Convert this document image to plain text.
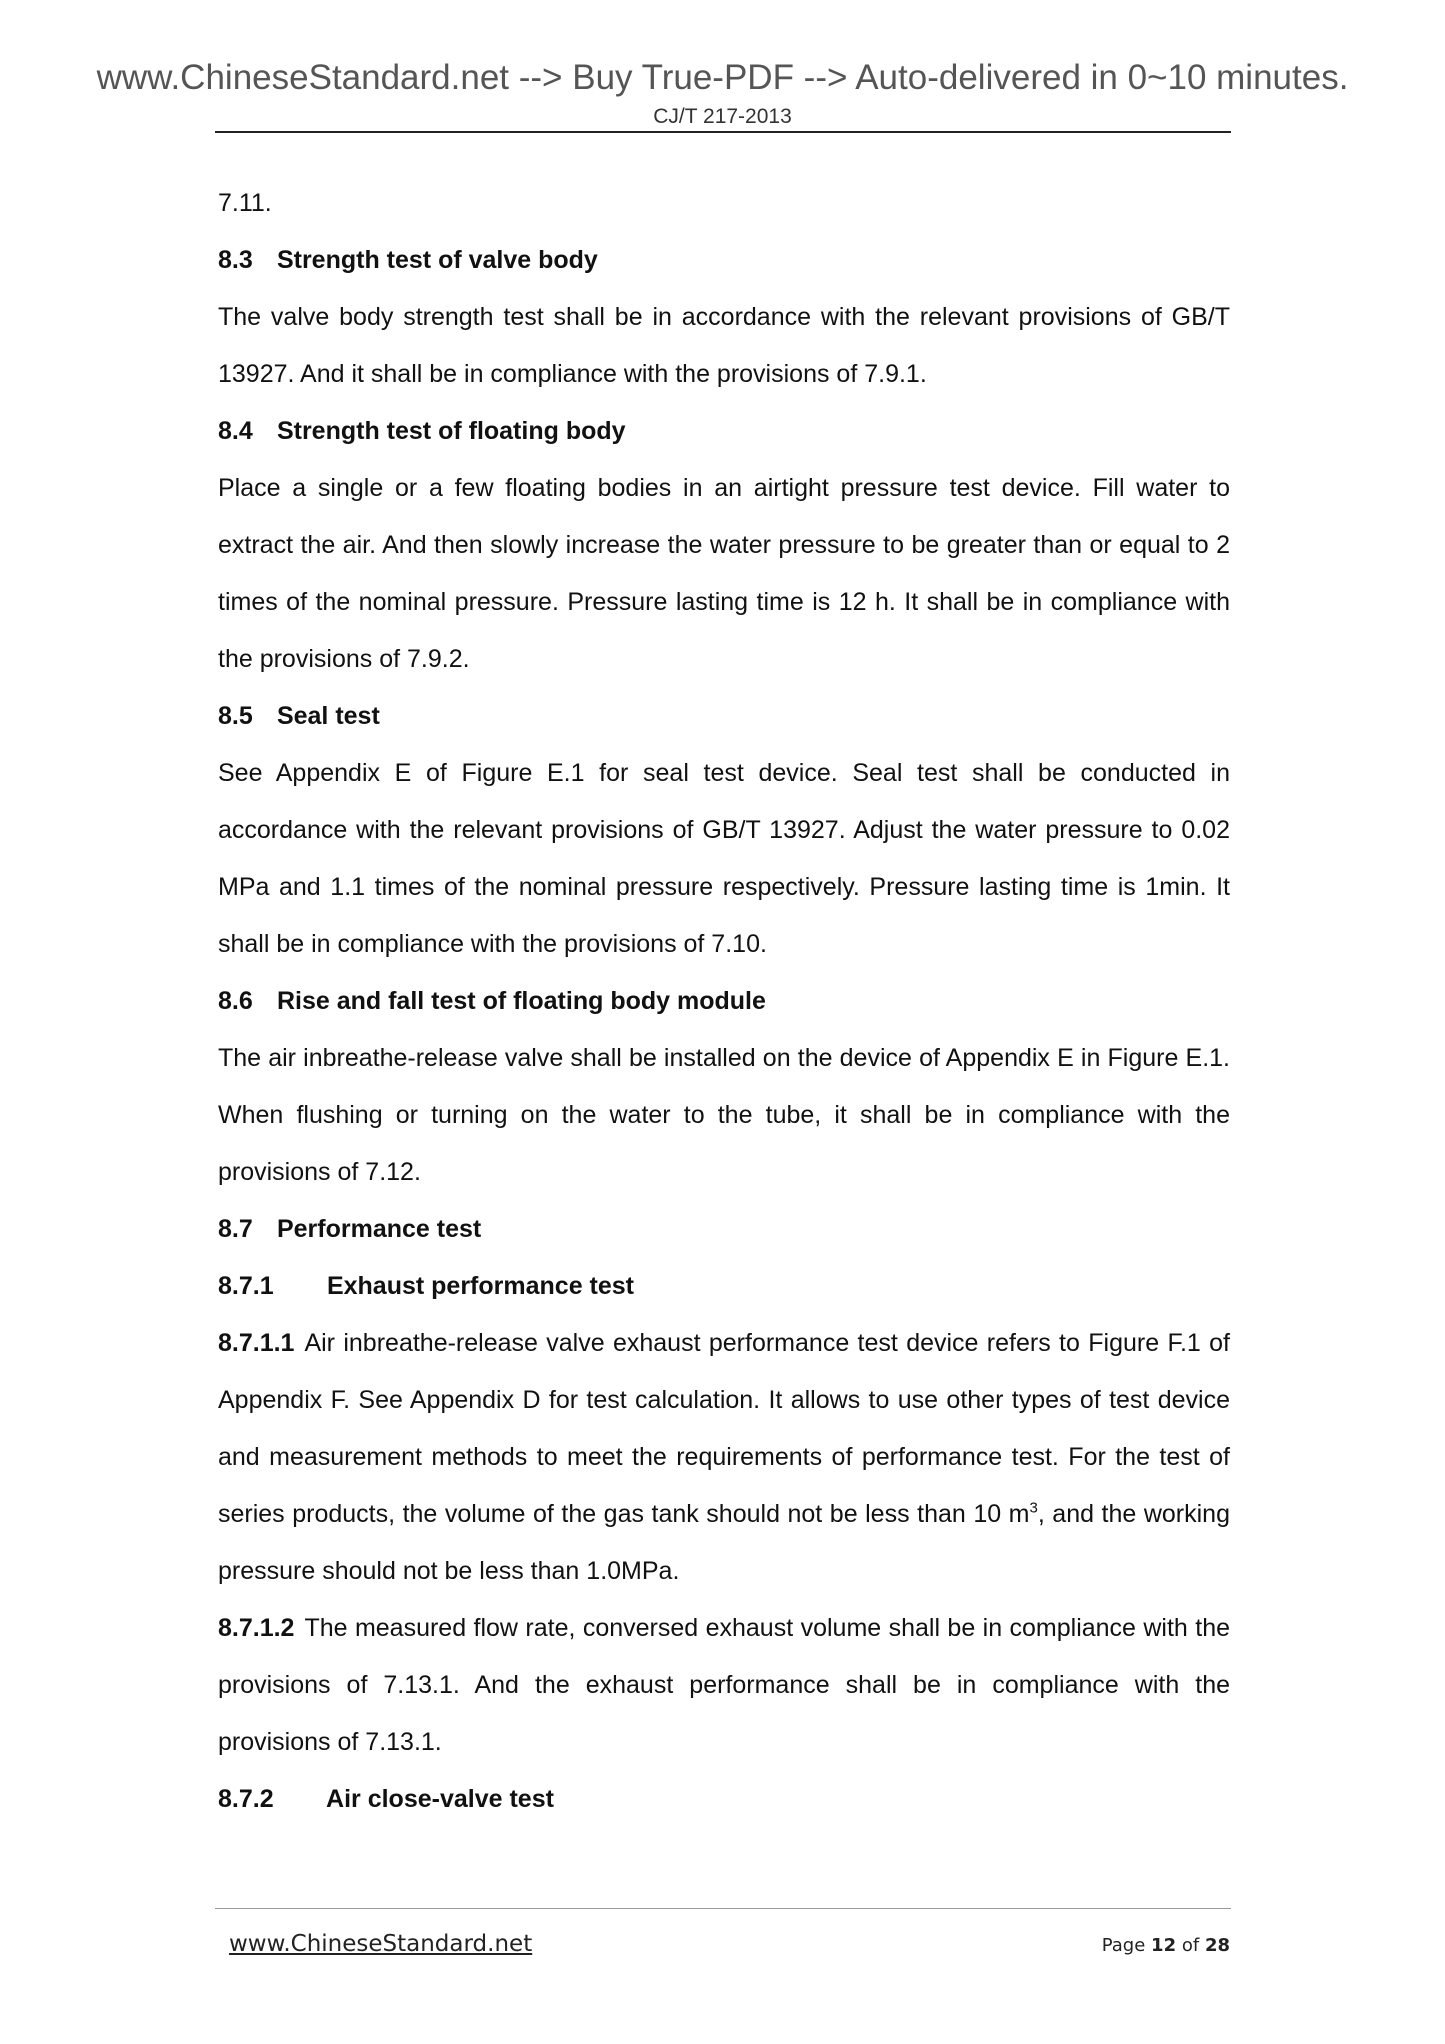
www.ChineseStandard.net --> Buy True-PDF --> Auto-delivered in 0~10 minutes.
CJ/T 217-2013

7.11.

8.3 Strength test of valve body

The valve body strength test shall be in accordance with the relevant provisions of GB/T 13927. And it shall be in compliance with the provisions of 7.9.1.

8.4 Strength test of floating body

Place a single or a few floating bodies in an airtight pressure test device. Fill water to extract the air. And then slowly increase the water pressure to be greater than or equal to 2 times of the nominal pressure. Pressure lasting time is 12 h. It shall be in compliance with the provisions of 7.9.2.

8.5 Seal test

See Appendix E of Figure E.1 for seal test device. Seal test shall be conducted in accordance with the relevant provisions of GB/T 13927. Adjust the water pressure to 0.02 MPa and 1.1 times of the nominal pressure respectively. Pressure lasting time is 1min. It shall be in compliance with the provisions of 7.10.

8.6 Rise and fall test of floating body module

The air inbreathe-release valve shall be installed on the device of Appendix E in Figure E.1. When flushing or turning on the water to the tube, it shall be in compliance with the provisions of 7.12.

8.7 Performance test

8.7.1 Exhaust performance test

8.7.1.1 Air inbreathe-release valve exhaust performance test device refers to Figure F.1 of Appendix F. See Appendix D for test calculation. It allows to use other types of test device and measurement methods to meet the requirements of performance test. For the test of series products, the volume of the gas tank should not be less than 10 $m^3$, and the working pressure should not be less than 1.0MPa.

8.7.1.2 The measured flow rate, conversed exhaust volume shall be in compliance with the provisions of 7.13.1. And the exhaust performance shall be in compliance with the provisions of 7.13.1.

8.7.2 Air close-valve test

www.ChineseStandard.net	Page 12 of 28
